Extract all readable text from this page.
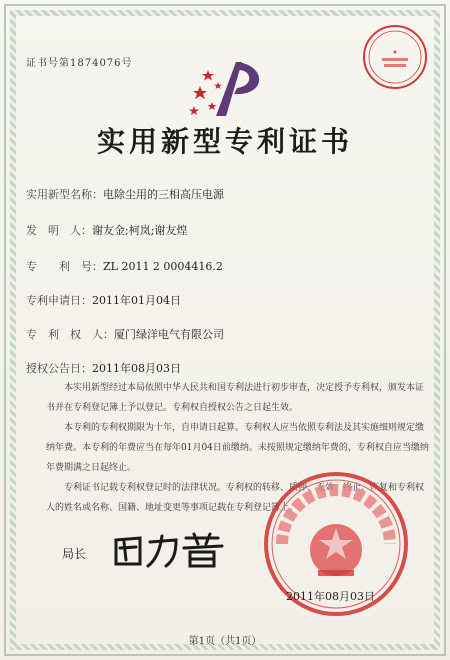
证书号第1874076号
★
实用新型专利证书
实用新型名称：电除尘用的三相高压电源
发　明　人：谢友金;柯岚;谢友煌
专　　利　号：ZL 2011 2 0004416.2
专利申请日：2011年01月04日
专　利　权　人：厦门绿洋电气有限公司
授权公告日：2011年08月03日

本实用新型经过本局依照中华人民共和国专利法进行初步审查，决定授予专利权，颁发本证书并在专利登记簿上予以登记。专利权自授权公告之日起生效。

本专利的专利权期限为十年，自申请日起算。专利权人应当依照专利法及其实施细则规定缴纳年费。本专利的年费应当在每年01月04日前缴纳。未按照规定缴纳年费的，专利权自应当缴纳年费期满之日起终止。

专利证书记载专利权登记时的法律状况。专利权的转移、质押、无效、终止、恢复和专利权人的姓名或名称、国籍、地址变更等事项记载在专利登记簿上。

局长
2011年08月03日
第1页（共1页）
